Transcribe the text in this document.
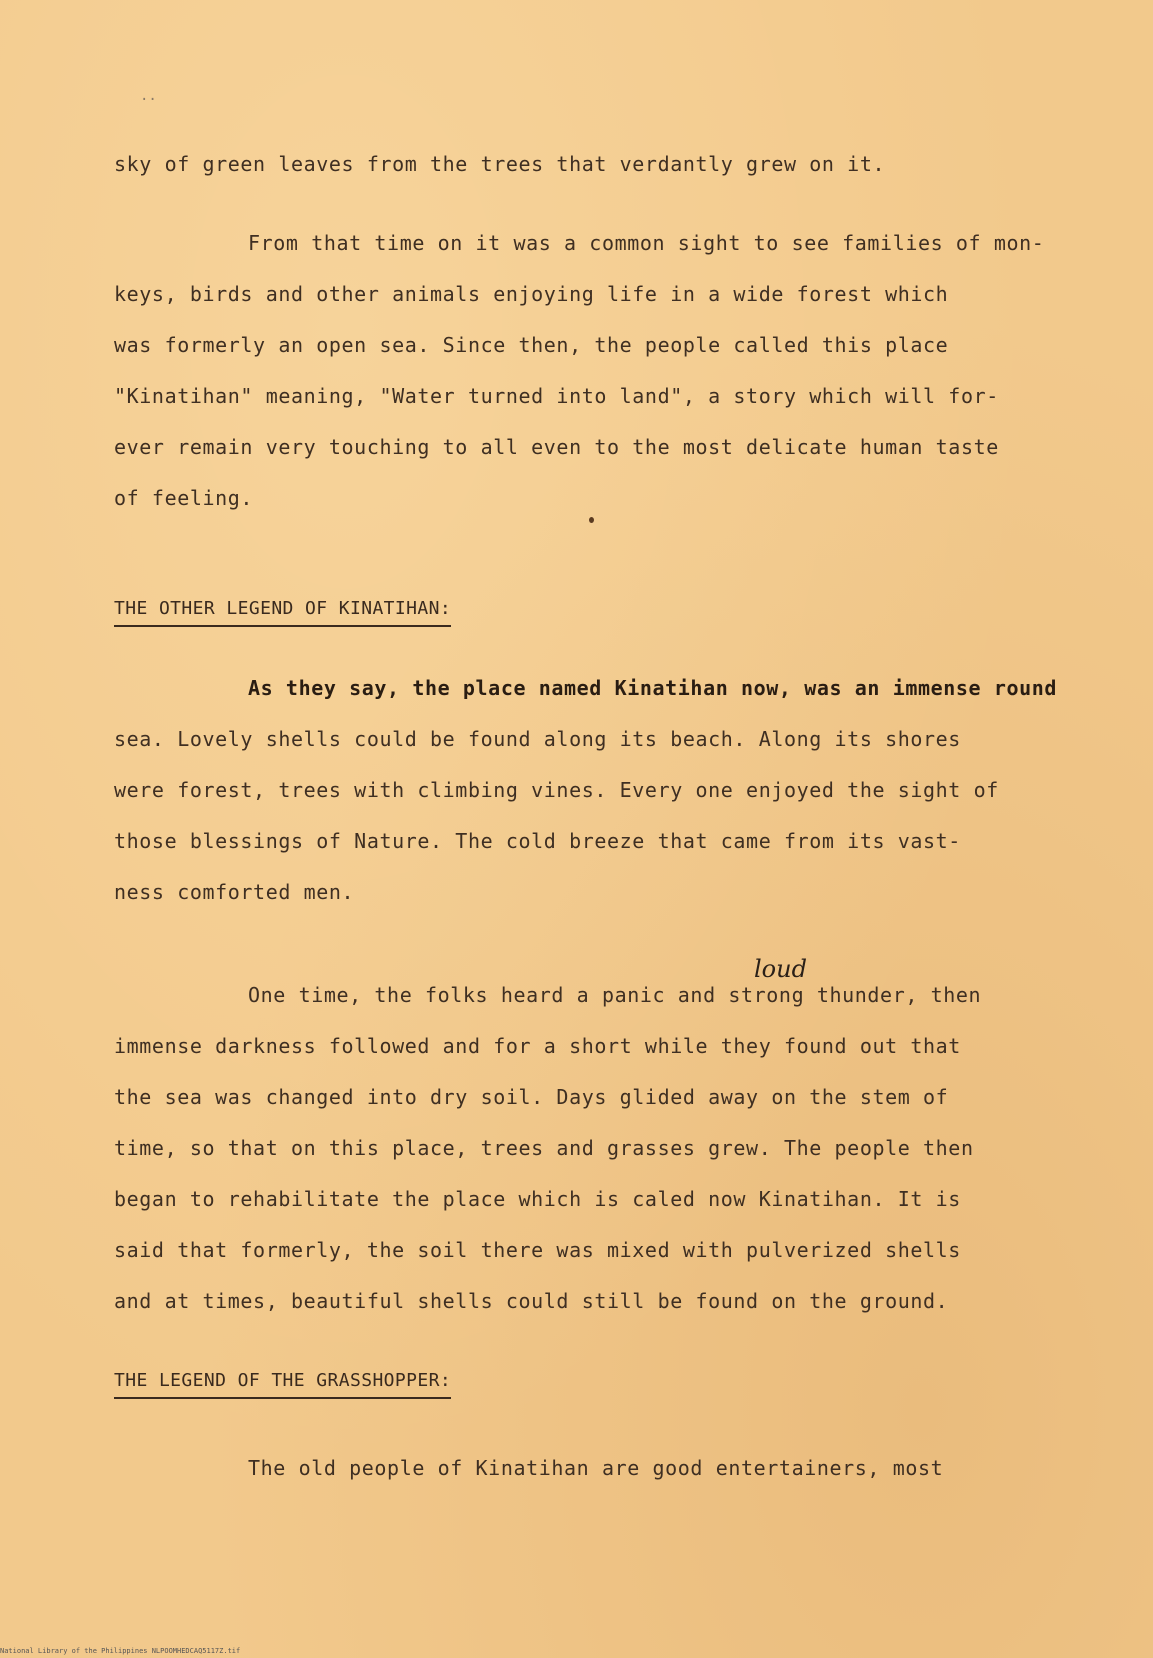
..
sky of green leaves from the trees that verdantly grew on it.
From that time on it was a common sight to see families of mon-
keys, birds and other animals enjoying life in a wide forest which
was formerly an open sea. Since then, the people called this place
"Kinatihan" meaning, "Water turned into land", a story which will for-
ever remain very touching to all even to the most delicate human taste
of feeling.
THE OTHER LEGEND OF KINATIHAN:
As they say, the place named Kinatihan now, was an immense round
sea. Lovely shells could be found along its beach. Along its shores
were forest, trees with climbing vines. Every one enjoyed the sight of
those blessings of Nature. The cold breeze that came from its vast-
ness comforted men.
loud
One time, the folks heard a panic and strong thunder, then
immense darkness followed and for a short while they found out that
the sea was changed into dry soil. Days glided away on the stem of
time, so that on this place, trees and grasses grew. The people then
began to rehabilitate the place which is caled now Kinatihan. It is
said that formerly, the soil there was mixed with pulverized shells
and at times, beautiful shells could still be found on the ground.
THE LEGEND OF THE GRASSHOPPER:
The old people of Kinatihan are good entertainers, most
National Library of the Philippines NLPOOMHEDCAQ5117Z.tif
